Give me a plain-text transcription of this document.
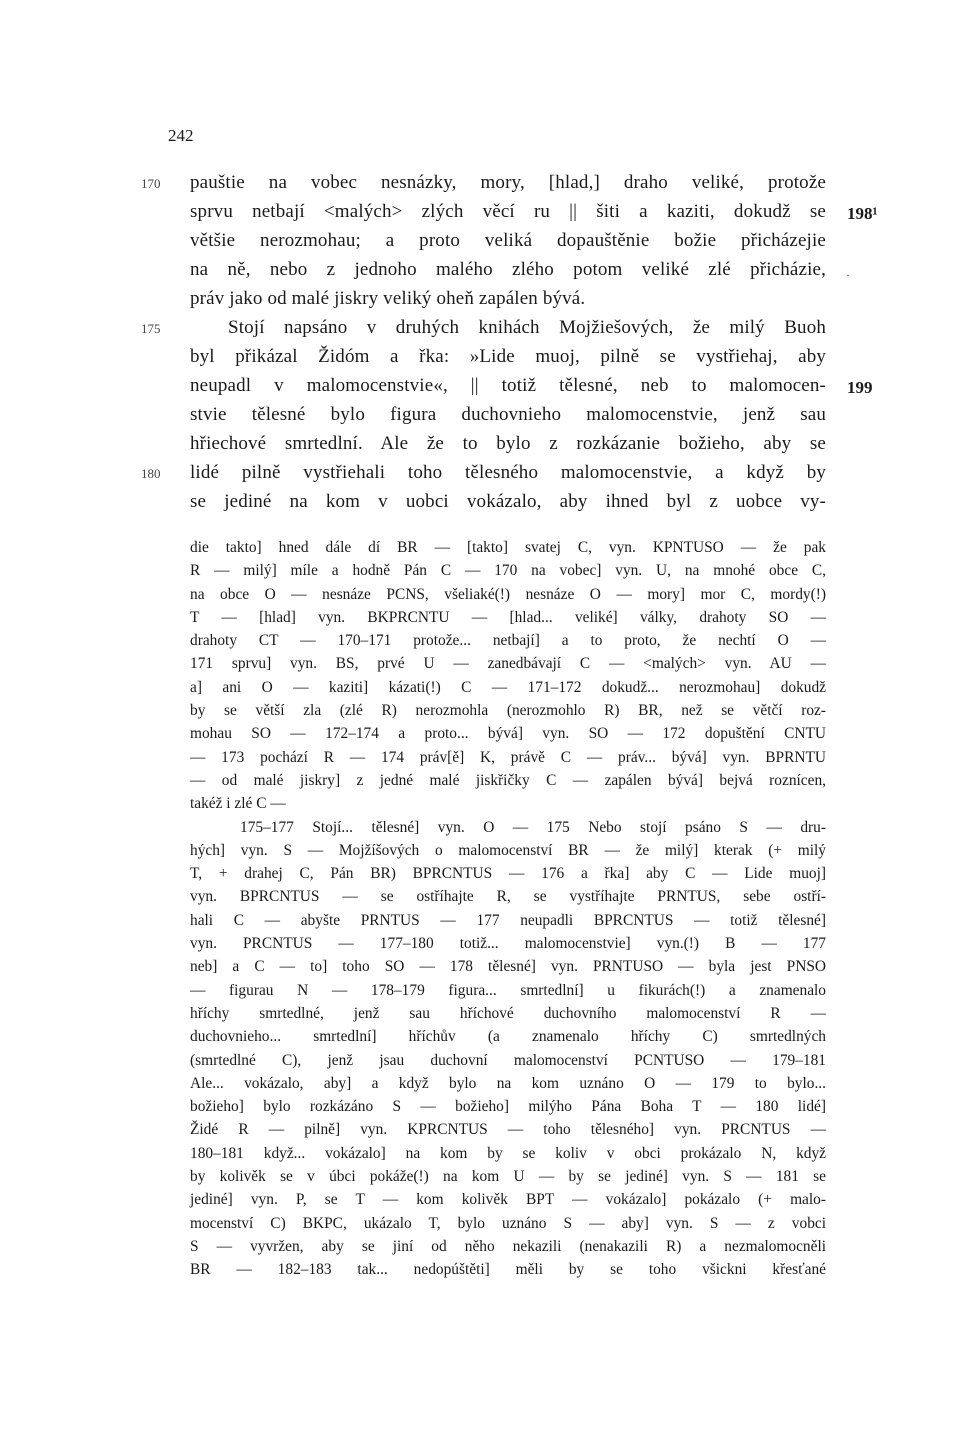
242
170
175
180
198¹
·
199
pauštie na vobec nesnázky, mory, [hlad,] draho veliké, protože
sprvu netbají <malých> zlých věcí ru || šiti a kaziti, dokudž se
většie nerozmohau; a proto veliká dopauštěnie božie přicházejie
na ně, nebo z jednoho malého zlého potom veliké zlé přicházie,
práv jako od malé jiskry veliký oheň zapálen bývá.
Stojí napsáno v druhých knihách Mojžiešových, že milý Buoh
byl přikázal Židóm a řka: »Lide muoj, pilně se vystřiehaj, aby
neupadl v malomocenstvie«, || totiž tělesné, neb to malomocen-
stvie tělesné bylo figura duchovnieho malomocenstvie, jenž sau
hřiechové smrtedlní. Ale že to bylo z rozkázanie božieho, aby se
lidé pilně vystřiehali toho tělesného malomocenstvie, a když by
se jediné na kom v uobci vokázalo, aby ihned byl z uobce vy-
die takto] hned dále dí BR — [takto] svatej C, vyn. KPNTUSO — že pak
R — milý] míle a hodně Pán C — 170 na vobec] vyn. U, na mnohé obce C,
na obce O — nesnáze PCNS, všeliaké(!) nesnáze O — mory] mor C, mordy(!)
T — [hlad] vyn. BKPRCNTU — [hlad... veliké] války, drahoty SO —
drahoty CT — 170–171 protože... netbají] a to proto, že nechtí O —
171 sprvu] vyn. BS, prvé U — zanedbávají C — <malých> vyn. AU —
a] ani O — kaziti] kázati(!) C — 171–172 dokudž... nerozmohau] dokudž
by se větší zla (zlé R) nerozmohla (nerozmohlo R) BR, než se větčí roz-
mohau SO — 172–174 a proto... bývá] vyn. SO — 172 dopuštění CNTU
— 173 pochází R — 174 práv[ě] K, právě C — práv... bývá] vyn. BPRNTU
— od malé jiskry] z jedné malé jiskřičky C — zapálen bývá] bejvá roznícen,
takéž i zlé C —
175–177 Stojí... tělesné] vyn. O — 175 Nebo stojí psáno S — dru-
hých] vyn. S — Mojžíšových o malomocenství BR — že milý] kterak (+ milý
T, + drahej C, Pán BR) BPRCNTUS — 176 a řka] aby C — Lide muoj]
vyn. BPRCNTUS — se ostříhajte R, se vystříhajte PRNTUS, sebe ostří-
hali C — abyšte PRNTUS — 177 neupadli BPRCNTUS — totiž tělesné]
vyn. PRCNTUS — 177–180 totiž... malomocenstvie] vyn.(!) B — 177
neb] a C — to] toho SO — 178 tělesné] vyn. PRNTUSO — byla jest PNSO
— figurau N — 178–179 figura... smrtedlní] u fikurách(!) a znamenalo
hříchy smrtedlné, jenž sau hříchové duchovního malomocenství R —
duchovnieho... smrtedlní] hříchův (a znamenalo hříchy C) smrtedlných
(smrtedlné C), jenž jsau duchovní malomocenství PCNTUSO — 179–181
Ale... vokázalo, aby] a když bylo na kom uznáno O — 179 to bylo...
božieho] bylo rozkázáno S — božieho] milýho Pána Boha T — 180 lidé]
Židé R — pilně] vyn. KPRCNTUS — toho tělesného] vyn. PRCNTUS —
180–181 když... vokázalo] na kom by se koliv v obci prokázalo N, když
by kolivěk se v úbci pokáže(!) na kom U — by se jediné] vyn. S — 181 se
jediné] vyn. P, se T — kom kolivěk BPT — vokázalo] pokázalo (+ malo-
mocenství C) BKPC, ukázalo T, bylo uznáno S — aby] vyn. S — z vobci
S — vyvržen, aby se jiní od něho nekazili (nenakazili R) a nezmalomocněli
BR — 182–183 tak... nedopúštěti] měli by se toho všickni křesťané
